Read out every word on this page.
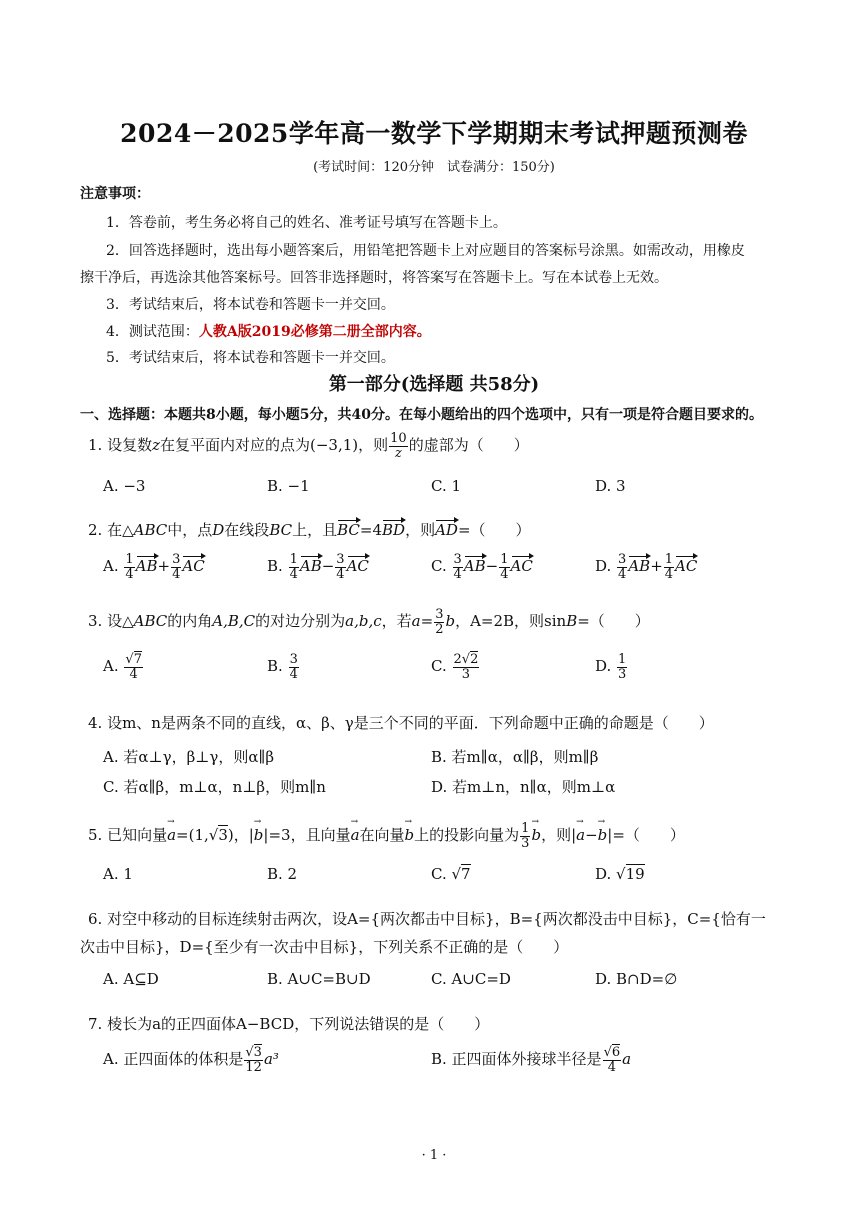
2024－2025学年高一数学下学期期末考试押题预测卷
(考试时间：120分钟　试卷满分：150分)
注意事项：
1．答卷前，考生务必将自己的姓名、准考证号填写在答题卡上。
2．回答选择题时，选出每小题答案后，用铅笔把答题卡上对应题目的答案标号涂黑。如需改动，用橡皮
擦干净后，再选涂其他答案标号。回答非选择题时，将答案写在答题卡上。写在本试卷上无效。
3．考试结束后，将本试卷和答题卡一并交回。
4．测试范围：人教A版2019必修第二册全部内容。
5．考试结束后，将本试卷和答题卡一并交回。
第一部分(选择题 共58分)
一、选择题：本题共8小题，每小题5分，共40分。在每小题给出的四个选项中，只有一项是符合题目要求的。
1. 设复数z在复平面内对应的点为(−3,1)，则 $\frac{10}{z}$ 的虚部为（　　）
A. −3	B. −1	C. 1	D. 3
2. 在△ABC中，点D在线段BC上，且BC=4BD，则AD=（　　）
A. $\frac{1}{4} AB+ \frac{3}{4}$ AC	B. $\frac{1}{4} AB- \frac{3}{4}$ AC	C. $\frac{3}{4} AB- \frac{1}{4}$ AC	D. $\frac{3}{4} AB+ \frac{1}{4}$ AC
3. 设△ABC的内角A,B,C的对边分别为a,b,c，若$a= \frac{3}{2}$ b，A=2B，则sinB=（　　）
A. $\frac{√7}{4}$	B. $\frac{3}{4}$	C. $\frac{2√2}{3}$	D. $\frac{1}{3}$
4. 设m、n是两条不同的直线，α、β、γ是三个不同的平面．下列命题中正确的命题是（　　）
A. 若α⊥γ，β⊥γ，则α∥β	B. 若m∥α，α∥β，则m∥β
C. 若α∥β，m⊥α，n⊥β，则m∥n	D. 若m⊥n，n∥α，则m⊥α
5. 已知向量a →=(1,√3)，|b →|=3，且向量a →在向量b →上的投影向量为 $\frac{1}{3}$ b →，则|a →−b →|=（　　）
A. 1	B. 2	C. √7	D. √19
6. 对空中移动的目标连续射击两次，设A={两次都击中目标}，B={两次都没击中目标}，C={恰有一
次击中目标}，D={至少有一次击中目标}，下列关系不正确的是（　　）
A. A⊆D	B. A∪C=B∪D	C. A∪C=D	D. B∩D=∅
7. 棱长为a的正四面体A−BCD，下列说法错误的是（　　）
A. 正四面体的体积是 $\frac{√3}{12} a^3$	B. 正四面体外接球半径是 $\frac{√6}{4}$ a
· 1 ·
